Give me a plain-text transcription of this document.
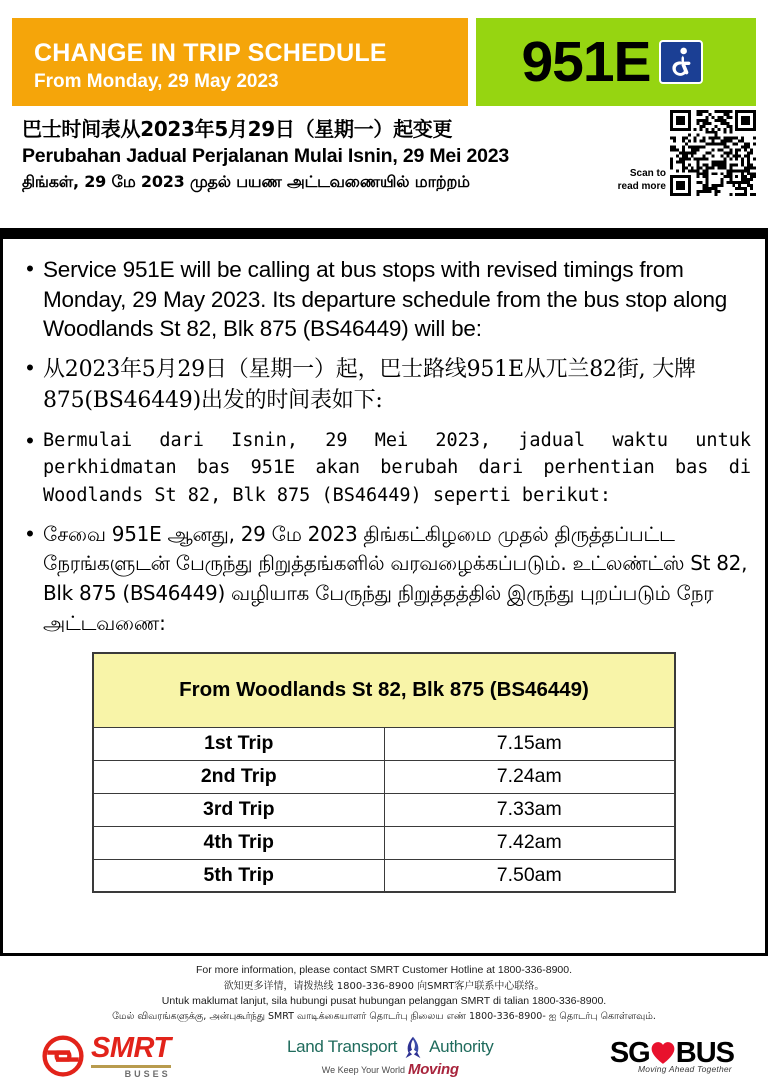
CHANGE IN TRIP SCHEDULE
From Monday, 29 May 2023	951E
巴士时间表从2023年5月29日（星期一）起变更
Perubahan Jadual Perjalanan Mulai Isnin, 29 Mei 2023
திங்கள், 29 மே 2023 முதல் பயண அட்டவணையில் மாற்றம்	Scan to
read more
• Service 951E will be calling at bus stops with revised timings from Monday, 29 May 2023. Its departure schedule from the bus stop along Woodlands St 82, Blk 875 (BS46449) will be:
• 从2023年5月29日（星期一）起，巴士路线951E从兀兰82街, 大牌875(BS46449)出发的时间表如下:
• Bermulai dari Isnin, 29 Mei 2023, jadual waktu untuk perkhidmatan bas 951E akan berubah dari perhentian bas di Woodlands St 82, Blk 875 (BS46449) seperti berikut:
• சேவை 951E ஆனது, 29 மே 2023 திங்கட்கிழமை முதல் திருத்தப்பட்ட நேரங்களுடன் பேருந்து நிறுத்தங்களில் வரவழைக்கப்படும். உட்லண்ட்ஸ் St 82, Blk 875 (BS46449) வழியாக பேருந்து நிறுத்தத்தில் இருந்து புறப்படும் நேர அட்டவணை:
From Woodlands St 82, Blk 875 (BS46449)	
1st Trip	7.15am
2nd Trip	7.24am
3rd Trip	7.33am
4th Trip	7.42am
5th Trip	7.50am
For more information, please contact SMRT Customer Hotline at 1800-336-8900.
欲知更多详情，请拨热线 1800-336-8900 向SMRT客户联系中心联络。
Untuk maklumat lanjut, sila hubungi pusat hubungan pelanggan SMRT di talian 1800-336-8900.
மேல் விவரங்களுக்கு, அன்புகூர்ந்து SMRT வாடிக்கையாளர் தொடர்பு நிலைய எண் 1800-336-8900- ஐ தொடர்பு கொள்ளவும்.
SMRT
BUSES
Land Transport Authority
We Keep Your World Moving
SG BUS
Moving Ahead Together
